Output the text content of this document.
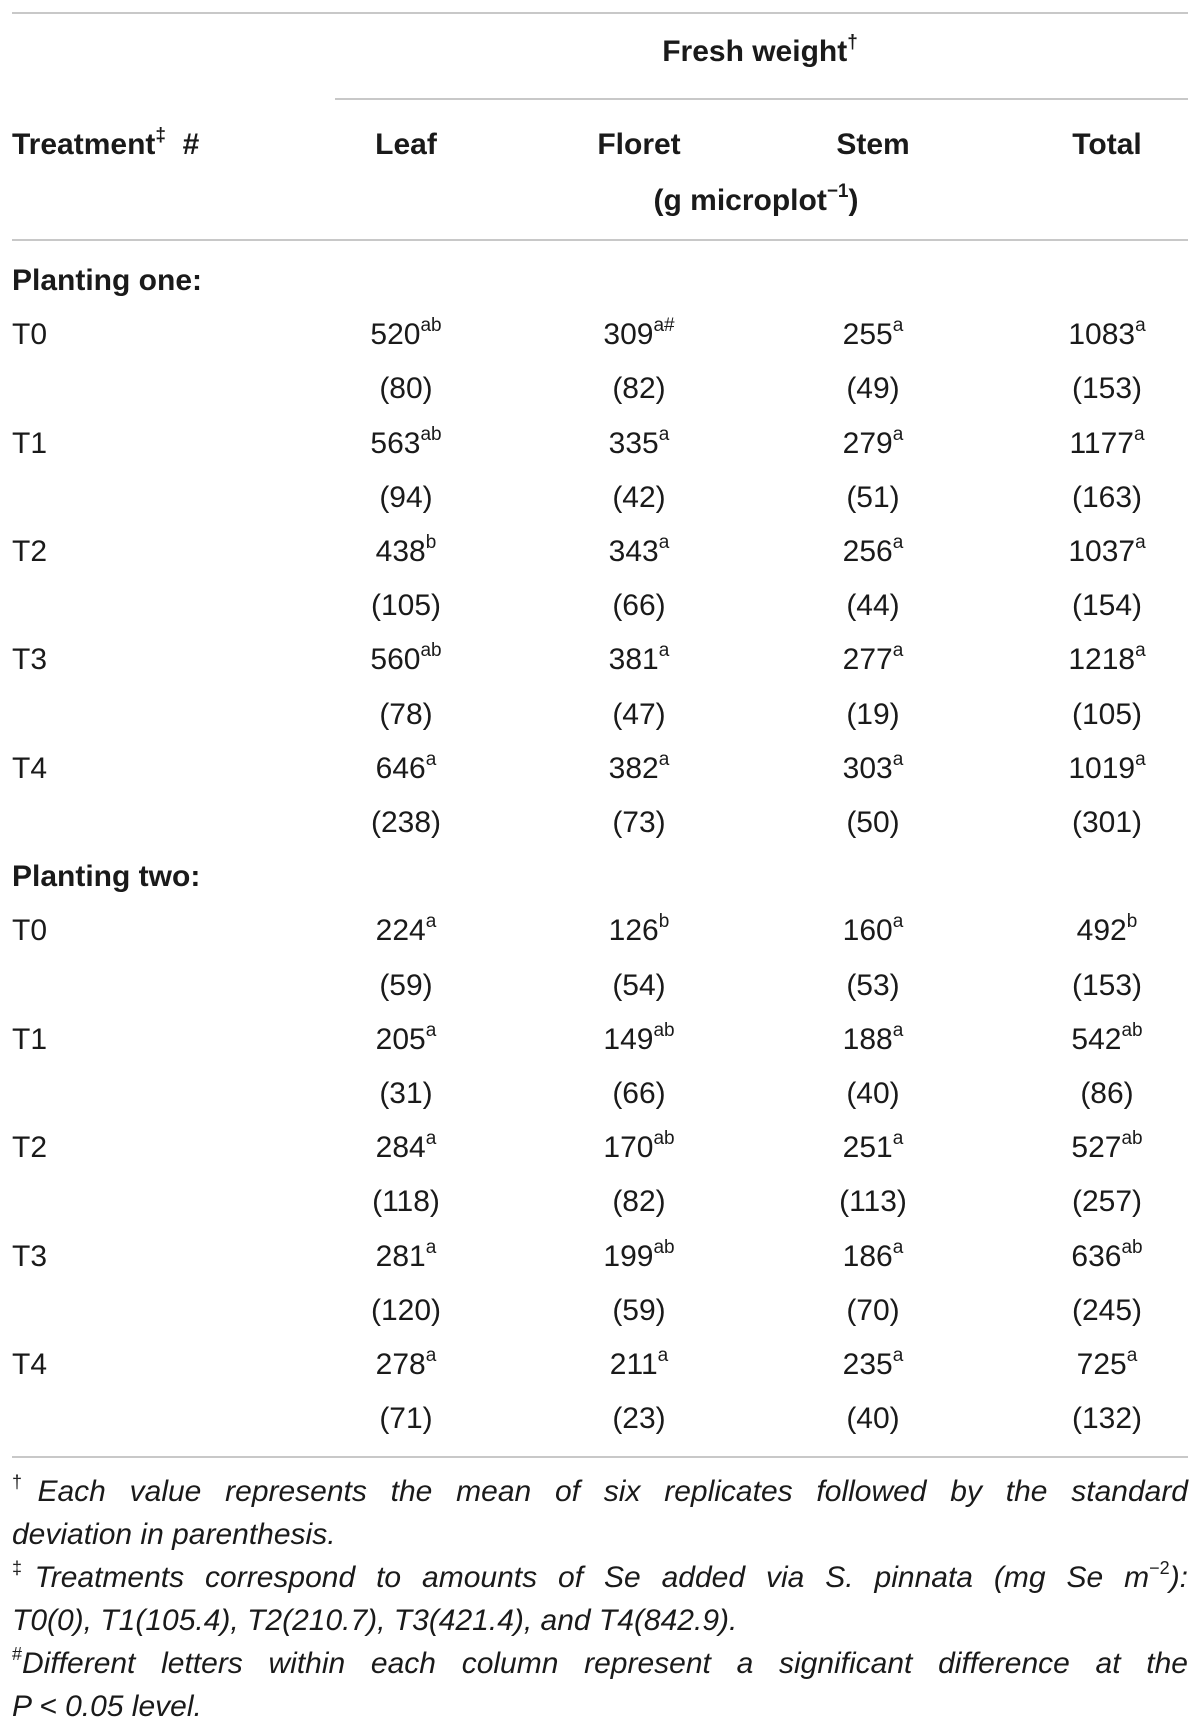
Fresh weight†
Treatment‡ #	Leaf	Floret	Stem	Total
(g microplot$^{-1}$)
Planting one:
T0	$520^{ab}$	$309^{a\#}$	255$^a$	1083$^a$
(80)	(82)	(49)	(153)
T1	$563^{ab}$	335$^a$	279$^a$	1177$^a$
(94)	(42)	(51)	(163)
T2	438$^b$	343$^a$	256$^a$	1037$^a$
(105)	(66)	(44)	(154)
T3	$560^{ab}$	381$^a$	277$^a$	1218$^a$
(78)	(47)	(19)	(105)
T4	646$^a$	382$^a$	303$^a$	1019$^a$
(238)	(73)	(50)	(301)
Planting two:
T0	224$^a$	126$^b$	160$^a$	492$^b$
(59)	(54)	(53)	(153)
T1	205$^a$	$149^{ab}$	188$^a$	$542^{ab}$
(31)	(66)	(40)	(86)
T2	284$^a$	$170^{ab}$	251$^a$	$527^{ab}$
(118)	(82)	(113)	(257)
T3	281$^a$	$199^{ab}$	186$^a$	$636^{ab}$
(120)	(59)	(70)	(245)
T4	278$^a$	211$^a$	235$^a$	725$^a$
(71)	(23)	(40)	(132)
†Each value represents the mean of six replicates followed by the standard
deviation in parenthesis.
‡Treatments correspond to amounts of Se added via S. pinnata (mg Se $m^{-2}$):
T0(0), T1(105.4), T2(210.7), T3(421.4), and T4(842.9).
#Different letters within each column represent a significant difference at the
P < 0.05 level.
